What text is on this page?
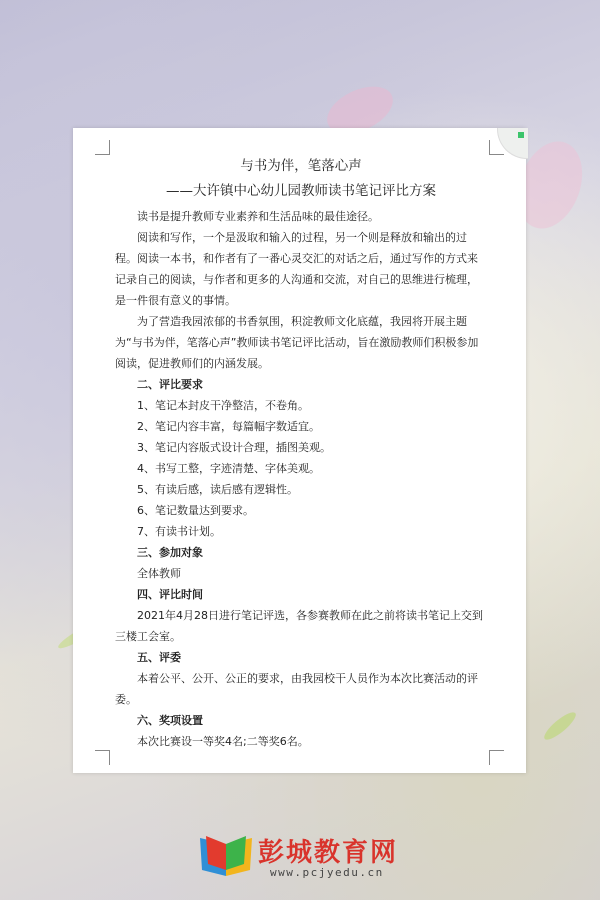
与书为伴，笔落心声

——大许镇中心幼儿园教师读书笔记评比方案

读书是提升教师专业素养和生活品味的最佳途径。

阅读和写作，一个是汲取和输入的过程，另一个则是释放和输出的过程。阅读一本书，和作者有了一番心灵交汇的对话之后，通过写作的方式来记录自己的阅读，与作者和更多的人沟通和交流，对自己的思维进行梳理，是一件很有意义的事情。

为了营造我园浓郁的书香氛围，积淀教师文化底蕴，我园将开展主题为“与书为伴，笔落心声”教师读书笔记评比活动，旨在激励教师们积极参加阅读，促进教师们的内涵发展。

二、评比要求

1、笔记本封皮干净整洁，不卷角。

2、笔记内容丰富，每篇幅字数适宜。

3、笔记内容版式设计合理，插图美观。

4、书写工整，字迹清楚、字体美观。

5、有读后感，读后感有逻辑性。

6、笔记数量达到要求。

7、有读书计划。

三、参加对象

全体教师

四、评比时间

2021年4月28日进行笔记评选，各参赛教师在此之前将读书笔记上交到三楼工会室。

五、评委

本着公平、公开、公正的要求，由我园校干人员作为本次比赛活动的评委。

六、奖项设置

本次比赛设一等奖4名;二等奖6名。

彭城教育网
www.pcjyedu.cn
